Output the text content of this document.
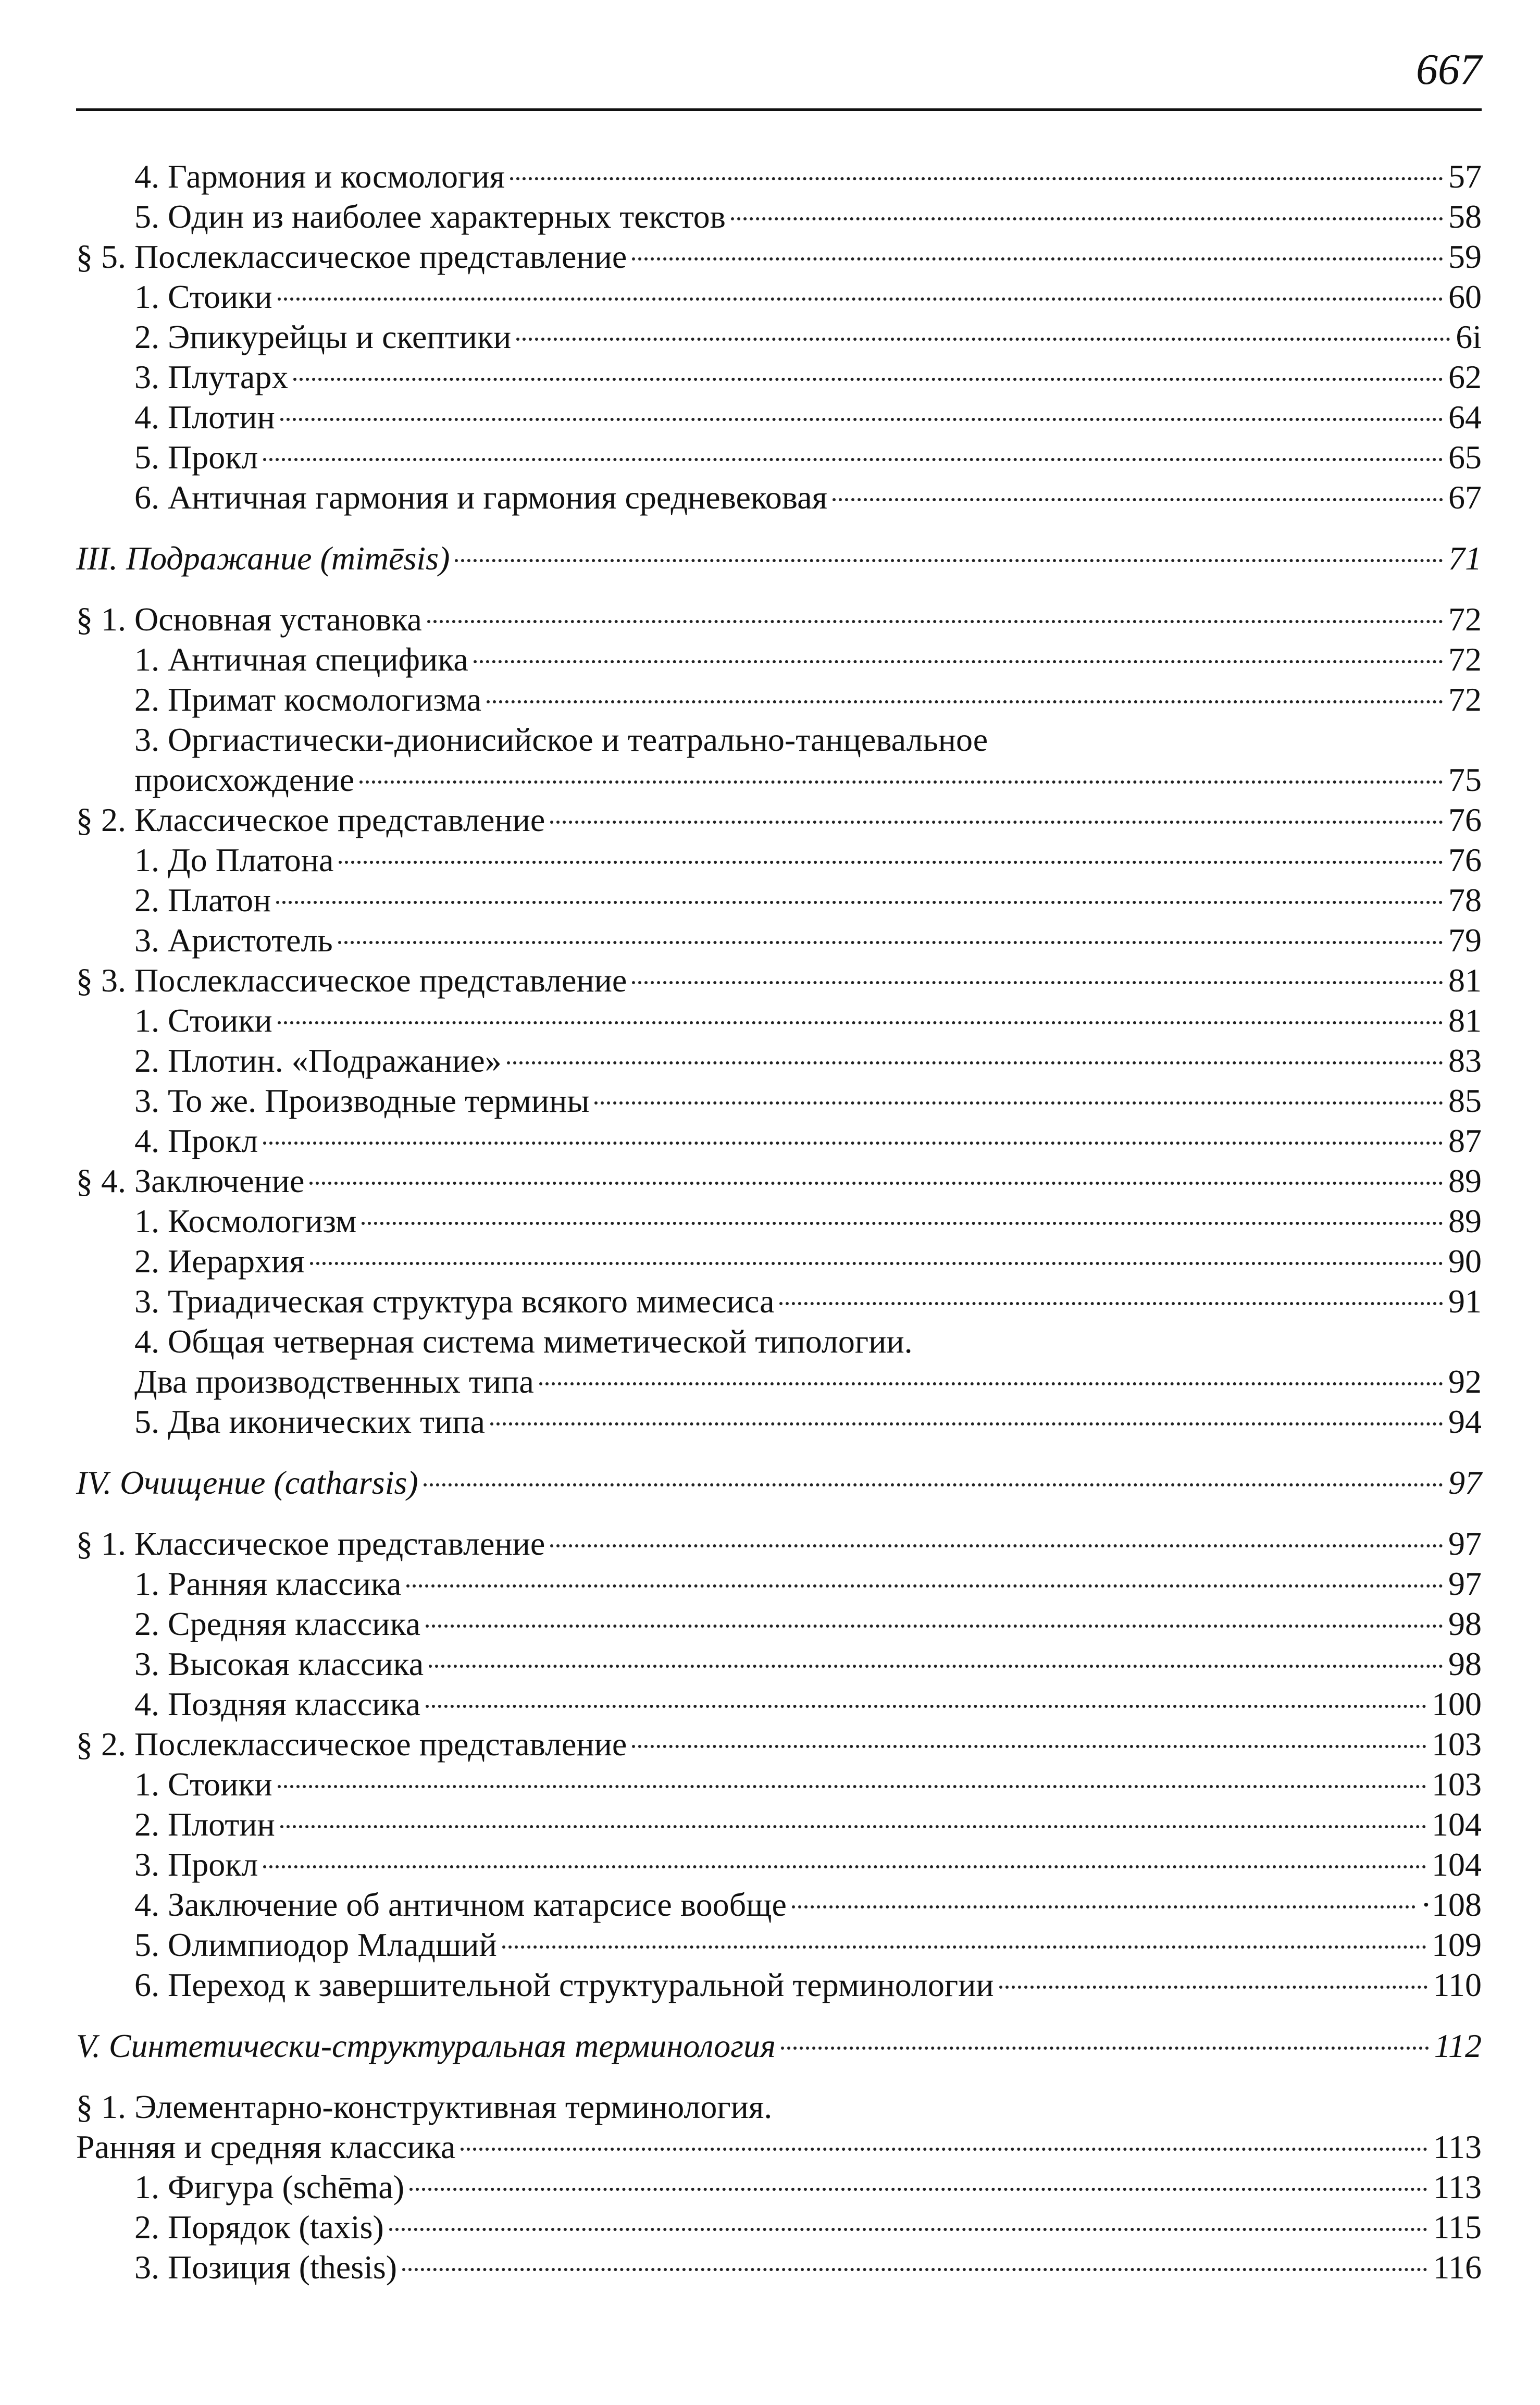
667
4. Гармония и космология	57
5. Один из наиболее характерных текстов	58
§ 5. Послеклассическое представление	59
1. Стоики	60
2. Эпикурейцы и скептики	6i
3. Плутарх	62
4. Плотин	64
5. Прокл	65
6. Античная гармония и гармония средневековая	67
III. Подражание (mimēsis)	71
§ 1. Основная установка	72
1. Античная специфика	72
2. Примат космологизма	72
3. Оргиастически-дионисийское и театрально-танцевальное
происхождение	75
§ 2. Классическое представление	76
1. До Платона	76
2. Платон	78
3. Аристотель	79
§ 3. Послеклассическое представление	81
1. Стоики	81
2. Плотин. «Подражание»	83
3. То же. Производные термины	85
4. Прокл	87
§ 4. Заключение	89
1. Космологизм	89
2. Иерархия	90
3. Триадическая структура всякого мимесиса	91
4. Общая четверная система миметической типологии.
Два производственных типа	92
5. Два иконических типа	94
IV. Очищение (catharsis)	97
§ 1. Классическое представление	97
1. Ранняя классика	97
2. Средняя классика	98
3. Высокая классика	98
4. Поздняя классика	100
§ 2. Послеклассическое представление	103
1. Стоики	103
2. Плотин	104
3. Прокл	104
4. Заключение об античном катарсисе вообще	·108
5. Олимпиодор Младший	109
6. Переход к завершительной структуральной терминологии	110
V. Синтетически-структуральная терминология	112
§ 1. Элементарно-конструктивная терминология.
Ранняя и средняя классика	113
1. Фигура (schēma)	113
2. Порядок (taxis)	115
3. Позиция (thesis)	116
